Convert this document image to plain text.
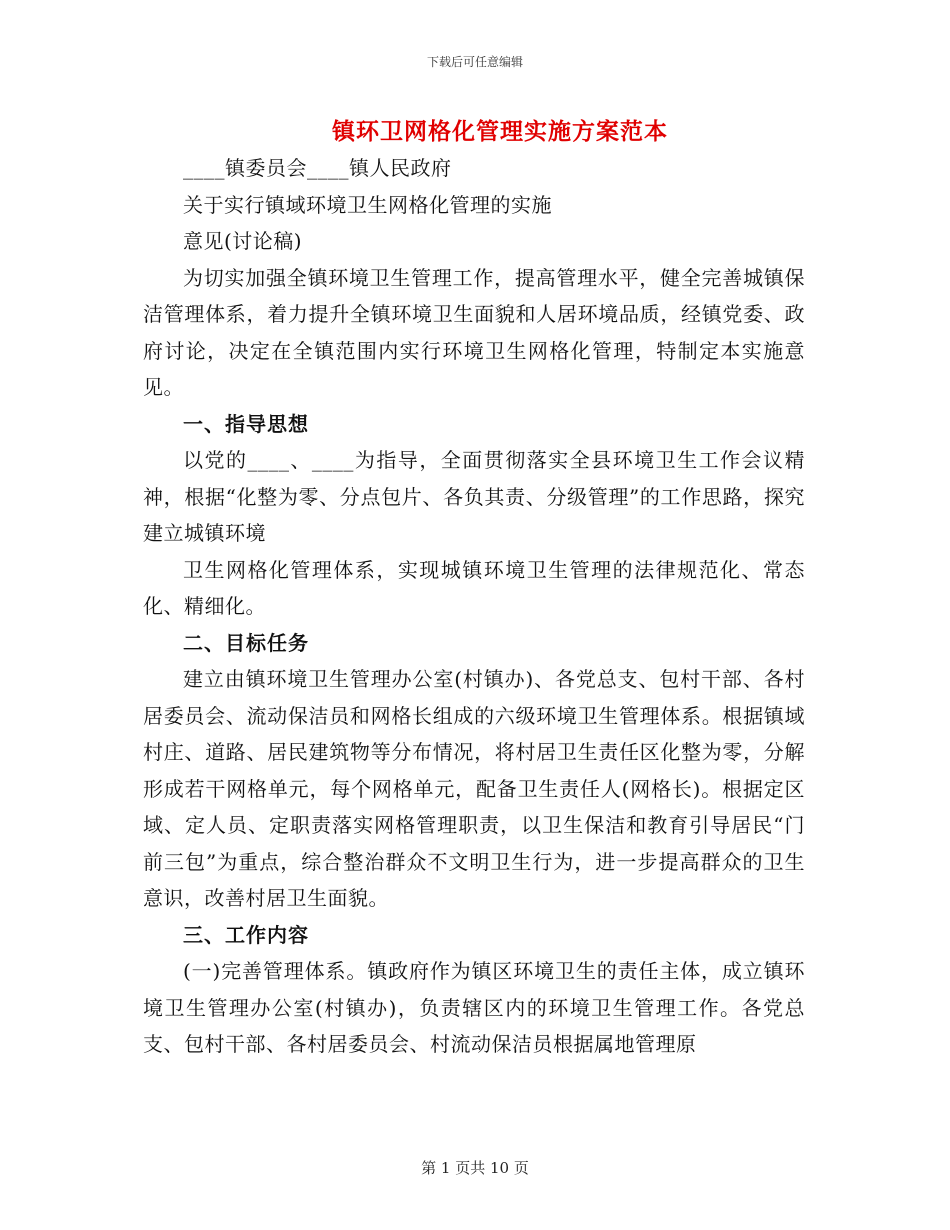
下载后可任意编辑
镇环卫网格化管理实施方案范本

____镇委员会____镇人民政府

关于实行镇域环境卫生网格化管理的实施

意见(讨论稿)

为切实加强全镇环境卫生管理工作，提高管理水平，健全完善城镇保洁管理体系，着力提升全镇环境卫生面貌和人居环境品质，经镇党委、政府讨论，决定在全镇范围内实行环境卫生网格化管理，特制定本实施意见。

一、指导思想

以党的____、____为指导，全面贯彻落实全县环境卫生工作会议精神，根据“化整为零、分点包片、各负其责、分级管理”的工作思路，探究建立城镇环境

卫生网格化管理体系，实现城镇环境卫生管理的法律规范化、常态化、精细化。

二、目标任务

建立由镇环境卫生管理办公室(村镇办)、各党总支、包村干部、各村居委员会、流动保洁员和网格长组成的六级环境卫生管理体系。根据镇域村庄、道路、居民建筑物等分布情况，将村居卫生责任区化整为零，分解形成若干网格单元，每个网格单元，配备卫生责任人(网格长)。根据定区域、定人员、定职责落实网格管理职责，以卫生保洁和教育引导居民“门前三包”为重点，综合整治群众不文明卫生行为，进一步提高群众的卫生意识，改善村居卫生面貌。

三、工作内容

(一)完善管理体系。镇政府作为镇区环境卫生的责任主体，成立镇环境卫生管理办公室(村镇办)，负责辖区内的环境卫生管理工作。各党总支、包村干部、各村居委员会、村流动保洁员根据属地管理原

第 1 页共 10 页
